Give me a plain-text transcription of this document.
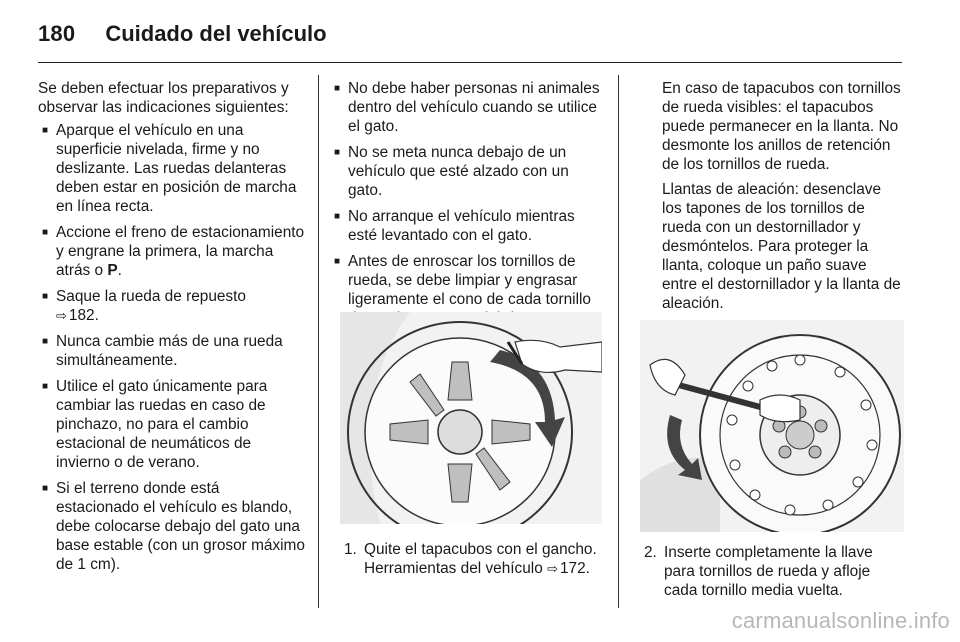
180 Cuidado del vehículo
Se deben efectuar los preparativos y observar las indicaciones siguientes:
■ Aparque el vehículo en una superficie nivelada, firme y no deslizante. Las ruedas delanteras deben estar en posición de marcha en línea recta.
■ Accione el freno de estacionamiento y engrane la primera, la marcha atrás o P.
■ Saque la rueda de repuesto
⇨ 182.
■ Nunca cambie más de una rueda simultáneamente.
■ Utilice el gato únicamente para cambiar las ruedas en caso de pinchazo, no para el cambio estacional de neumáticos de invierno o de verano.
■ Si el terreno donde está estacionado el vehículo es blando, debe colocarse debajo del gato una base estable (con un grosor máximo de 1 cm).
■ No debe haber personas ni animales dentro del vehículo cuando se utilice el gato.
■ No se meta nunca debajo de un vehículo que esté alzado con un gato.
■ No arranque el vehículo mientras esté levantado con el gato.
■ Antes de enroscar los tornillos de rueda, se debe limpiar y engrasar ligeramente el cono de cada tornillo
1. Quite el tapacubos con el gancho. Herramientas del vehículo ⇨ 172.

En caso de tapacubos con tornillos de rueda visibles: el tapacubos puede permanecer en la llanta. No desmonte los anillos de retención de los tornillos de rueda.

Llantas de aleación: desenclave los tapones de los tornillos de rueda con un destornillador y desmóntelos. Para proteger la llanta, coloque un paño suave entre el destornillador y la llanta de aleación.

2. Inserte completamente la llave para tornillos de rueda y afloje cada tornillo media vuelta.
carmanualsonline.info
